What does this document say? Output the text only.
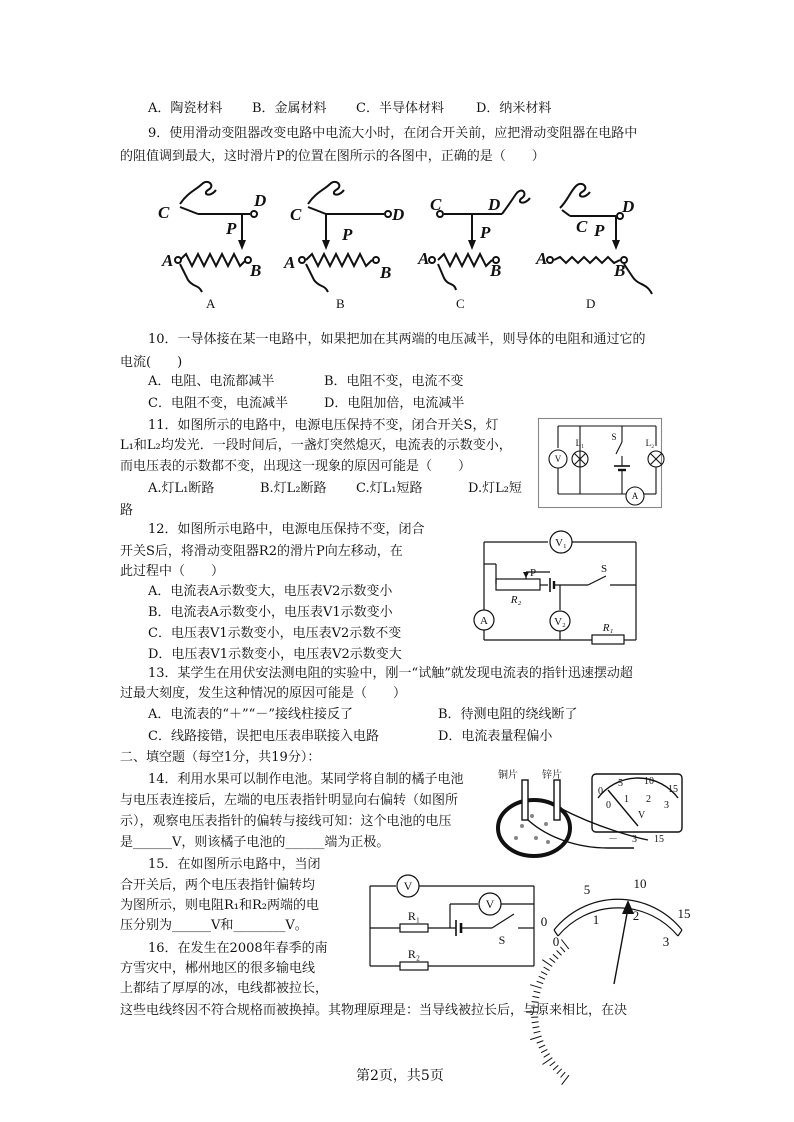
A．陶瓷材料 B．金属材料 C．半导体材料 D．纳米材料
9．使用滑动变阻器改变电路中电流大小时，在闭合开关前，应把滑动变阻器在电路中
的阻值调到最大，这时滑片P的位置在图所示的各图中，正确的是（　　）
C
D
P
A
B
C	D
P
A
B
C	D
P
A
B
C
D
P
A
B
A	B	C	D
10．一导体接在某一电路中，如果把加在其两端的电压减半，则导体的电阻和通过它的
电流(　　)
A．电阻、电流都减半	B．电阻不变，电流不变
C．电阻不变，电流减半	D．电阻加倍，电流减半
11．如图所示的电路中，电源电压保持不变，闭合开关S，灯
L₁和L₂均发光．一段时间后，一盏灯突然熄灭，电流表的示数变小，
而电压表的示数都不变，出现这一现象的原因可能是（　　）
A.灯L₁断路	B.灯L₂断路 C.灯L₁短路	D.灯L₂短
路
V
L₁
S
L₂
A
12．如图所示电路中，电源电压保持不变，闭合
开关S后，将滑动变阻器R2的滑片P向左移动，在
此过程中（　　）
A．电流表A示数变大，电压表V2示数变小
B．电流表A示数变小，电压表V1示数变小
C．电压表V1示数变小，电压表V2示数不变
D．电压表V1示数变小，电压表V2示数变大
V₁
P
R₂
S
A	V₂	R₁
13．某学生在用伏安法测电阻的实验中，刚一“试触”就发现电流表的指针迅速摆动超
过最大刻度，发生这种情况的原因可能是（　　）
A．电流表的“＋”“－”接线柱接反了	B．待测电阻的绕线断了
C．线路接错，误把电压表串联接入电路	D．电流表量程偏小
二、填空题（每空1分，共19分）：
14．利用水果可以制作电池。某同学将自制的橘子电池
与电压表连接后，左端的电压表指针明显向右偏转（如图所
示），观察电压表指针的偏转与接线可知：这个电池的电压
是______V，则该橘子电池的______端为正极。
铜片 锌片
0
5 10
15
0
1 2
3
V
－ 3 15
15．在如图所示电路中，当闭
合开关后，两个电压表指针偏转均
为图所示，则电阻R₁和R₂两端的电
压分别为______V和________V。
V
V
R₁
R₂
S
0
5	10
15
0
1	2
3
16．在发生在2008年春季的南
方雪灾中，郴州地区的很多输电线
上都结了厚厚的冰，电线都被拉长，
这些电线终因不符合规格而被换掉。其物理原理是：当导线被拉长后，与原来相比，在决
第2页，共5页
